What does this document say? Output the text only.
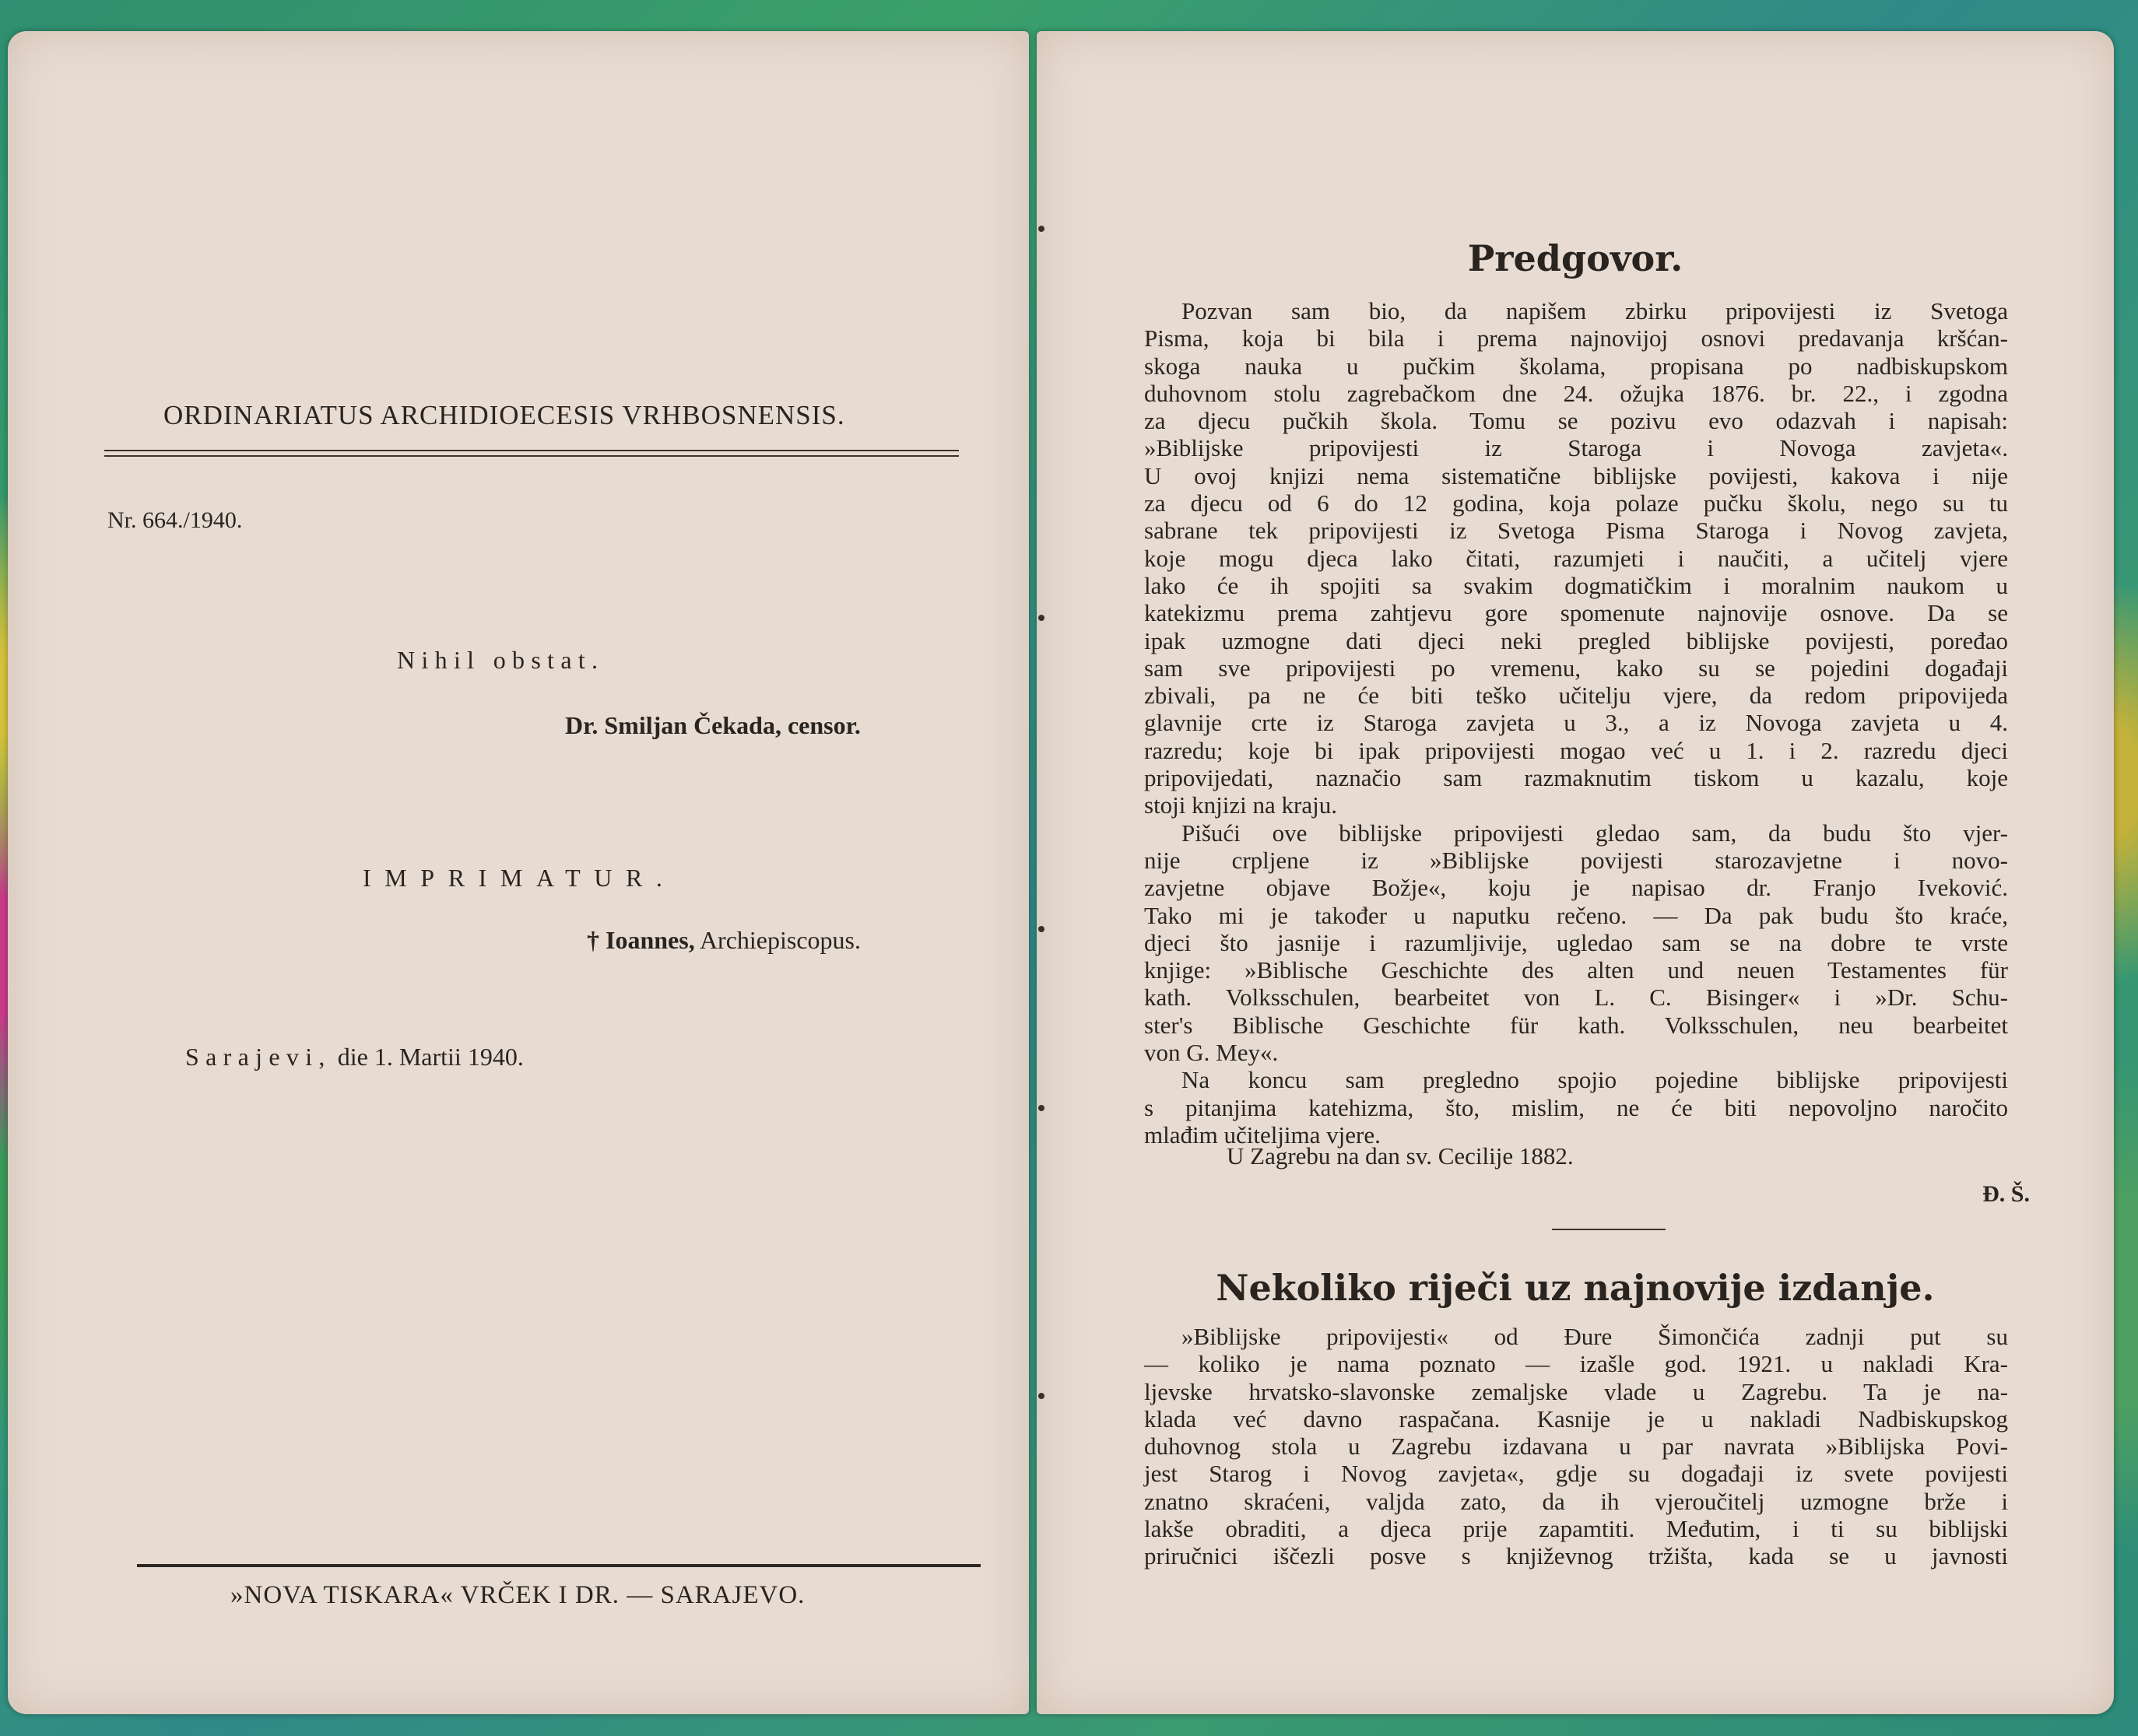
ORDINARIATUS ARCHIDIOECESIS VRHBOSNENSIS.
Nr. 664./1940.
Nihil obstat.
Dr. Smiljan Čekada, censor.
IMPRIMATUR.
† Ioannes, Archiepiscopus.
Sarajevi, die 1. Martii 1940.
»NOVA TISKARA« VRČEK I DR. — SARAJEVO.
Predgovor.
Pozvan sam bio, da napišem zbirku pripovijesti iz Svetoga
Pisma, koja bi bila i prema najnovijoj osnovi predavanja kršćan-
skoga nauka u pučkim školama, propisana po nadbiskupskom
duhovnom stolu zagrebačkom dne 24. ožujka 1876. br. 22., i zgodna
za djecu pučkih škola. Tomu se pozivu evo odazvah i napisah:
»Biblijske pripovijesti iz Staroga i Novoga zavjeta«.
U ovoj knjizi nema sistematične biblijske povijesti, kakova i nije
za djecu od 6 do 12 godina, koja polaze pučku školu, nego su tu
sabrane tek pripovijesti iz Svetoga Pisma Staroga i Novog zavjeta,
koje mogu djeca lako čitati, razumjeti i naučiti, a učitelj vjere
lako će ih spojiti sa svakim dogmatičkim i moralnim naukom u
katekizmu prema zahtjevu gore spomenute najnovije osnove. Da se
ipak uzmogne dati djeci neki pregled biblijske povijesti, poređao
sam sve pripovijesti po vremenu, kako su se pojedini događaji
zbivali, pa ne će biti teško učitelju vjere, da redom pripovijeda
glavnije crte iz Staroga zavjeta u 3., a iz Novoga zavjeta u 4.
razredu; koje bi ipak pripovijesti mogao već u 1. i 2. razredu djeci
pripovijedati, naznačio sam razmaknutim tiskom u kazalu, koje
stoji knjizi na kraju.
Pišući ove biblijske pripovijesti gledao sam, da budu što vjer-
nije crpljene iz »Biblijske povijesti starozavjetne i novo-
zavjetne objave Božje«, koju je napisao dr. Franjo Iveković.
Tako mi je također u naputku rečeno. — Da pak budu što kraće,
djeci što jasnije i razumljivije, ugledao sam se na dobre te vrste
knjige: »Biblische Geschichte des alten und neuen Testamentes für
kath. Volksschulen, bearbeitet von L. C. Bisinger« i »Dr. Schu-
ster's Biblische Geschichte für kath. Volksschulen, neu bearbeitet
von G. Mey«.
Na koncu sam pregledno spojio pojedine biblijske pripovijesti
s pitanjima katehizma, što, mislim, ne će biti nepovoljno naročito
mlađim učiteljima vjere.
U Zagrebu na dan sv. Cecilije 1882.
Đ. Š.
Nekoliko riječi uz najnovije izdanje.
»Biblijske pripovijesti« od Đure Šimončića zadnji put su
— koliko je nama poznato — izašle god. 1921. u nakladi Kra-
ljevske hrvatsko-slavonske zemaljske vlade u Zagrebu. Ta je na-
klada već davno raspačana. Kasnije je u nakladi Nadbiskupskog
duhovnog stola u Zagrebu izdavana u par navrata »Biblijska Povi-
jest Starog i Novog zavjeta«, gdje su događaji iz svete povijesti
znatno skraćeni, valjda zato, da ih vjeroučitelj uzmogne brže i
lakše obraditi, a djeca prije zapamtiti. Međutim, i ti su biblijski
priručnici iščezli posve s književnog tržišta, kada se u javnosti
